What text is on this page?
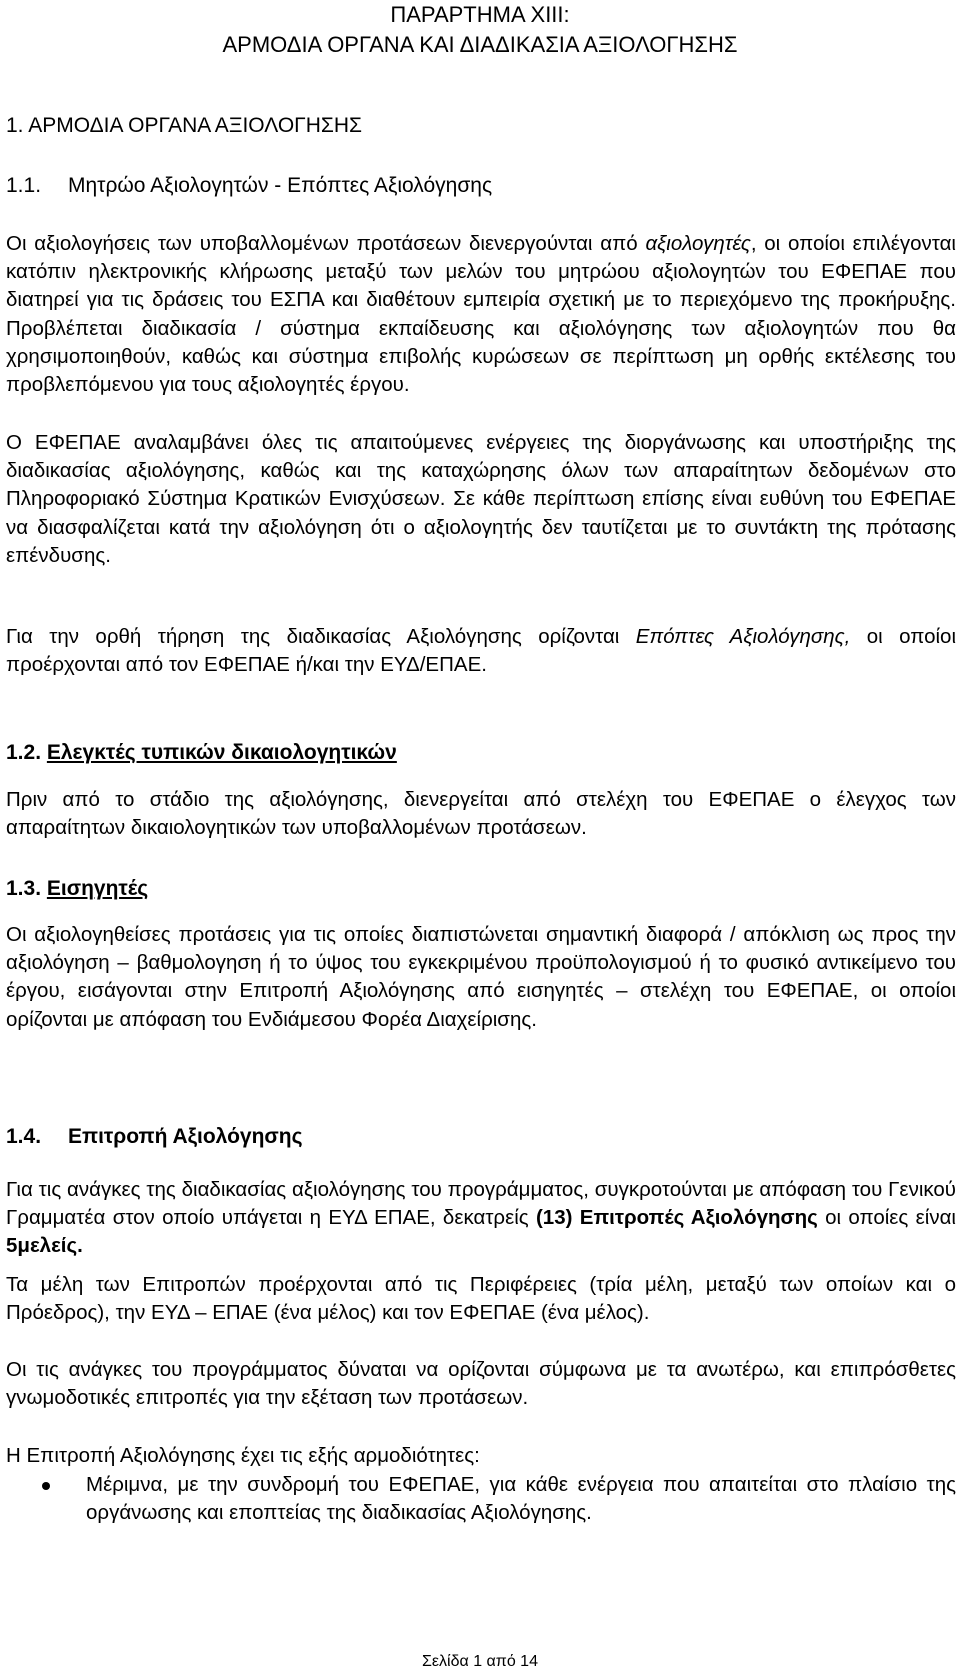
ΠΑΡΑΡΤΗΜΑ XIII:

ΑΡΜΟΔΙΑ ΟΡΓΑΝΑ ΚΑΙ ΔΙΑΔΙΚΑΣΙΑ ΑΞΙΟΛΟΓΗΣΗΣ

1. ΑΡΜΟΔΙΑ ΟΡΓΑΝΑ ΑΞΙΟΛΟΓΗΣΗΣ
1.1. Μητρώο Αξιολογητών - Επόπτες Αξιολόγησης

Οι αξιολογήσεις των υποβαλλομένων προτάσεων διενεργούνται από αξιολογητές, οι οποίοι επιλέγονται κατόπιν ηλεκτρονικής κλήρωσης μεταξύ των μελών του μητρώου αξιολογητών του ΕΦΕΠΑΕ που διατηρεί για τις δράσεις του ΕΣΠΑ και διαθέτουν εμπειρία σχετική με το περιεχόμενο της προκήρυξης. Προβλέπεται διαδικασία / σύστημα εκπαίδευσης και αξιολόγησης των αξιολογητών που θα χρησιμοποιηθούν, καθώς και σύστημα επιβολής κυρώσεων σε περίπτωση μη ορθής εκτέλεσης του προβλεπόμενου για τους αξιολογητές έργου.

Ο ΕΦΕΠΑΕ αναλαμβάνει όλες τις απαιτούμενες ενέργειες της διοργάνωσης και υποστήριξης της διαδικασίας αξιολόγησης, καθώς και της καταχώρησης όλων των απαραίτητων δεδομένων στο Πληροφοριακό Σύστημα Κρατικών Ενισχύσεων. Σε κάθε περίπτωση επίσης είναι ευθύνη του ΕΦΕΠΑΕ να διασφαλίζεται κατά την αξιολόγηση ότι ο αξιολογητής δεν ταυτίζεται με το συντάκτη της πρότασης επένδυσης.

Για την ορθή τήρηση της διαδικασίας Αξιολόγησης ορίζονται Επόπτες Αξιολόγησης, οι οποίοι προέρχονται από τον ΕΦΕΠΑΕ ή/και την ΕΥΔ/ΕΠΑΕ.

1.2. Ελεγκτές τυπικών δικαιολογητικών

Πριν από το στάδιο της αξιολόγησης, διενεργείται από στελέχη του ΕΦΕΠΑΕ ο έλεγχος των απαραίτητων δικαιολογητικών των υποβαλλομένων προτάσεων.

1.3. Εισηγητές

Οι αξιολογηθείσες προτάσεις για τις οποίες διαπιστώνεται σημαντική διαφορά / απόκλιση ως προς την αξιολόγηση – βαθμολογηση ή το ύψος του εγκεκριμένου προϋπολογισμού ή το φυσικό αντικείμενο του έργου, εισάγονται στην Επιτροπή Αξιολόγησης από εισηγητές – στελέχη του ΕΦΕΠΑΕ, οι οποίοι ορίζονται με απόφαση του Ενδιάμεσου Φορέα Διαχείρισης.

1.4. Επιτροπή Αξιολόγησης

Για τις ανάγκες της διαδικασίας αξιολόγησης του προγράμματος, συγκροτούνται με απόφαση του Γενικού Γραμματέα στον οποίο υπάγεται η ΕΥΔ ΕΠΑΕ, δεκατρείς (13) Επιτροπές Αξιολόγησης οι οποίες είναι 5μελείς.

Τα μέλη των Επιτροπών προέρχονται από τις Περιφέρειες (τρία μέλη, μεταξύ των οποίων και ο Πρόεδρος), την ΕΥΔ – ΕΠΑΕ (ένα μέλος) και τον ΕΦΕΠΑΕ (ένα μέλος).

Οι τις ανάγκες του προγράμματος δύναται να ορίζονται σύμφωνα με τα ανωτέρω, και επιπρόσθετες γνωμοδοτικές επιτροπές για την εξέταση των προτάσεων.

Η Επιτροπή Αξιολόγησης έχει τις εξής αρμοδιότητες:

Μέριμνα, με την συνδρομή του ΕΦΕΠΑΕ, για κάθε ενέργεια που απαιτείται στο πλαίσιο της οργάνωσης και εποπτείας της διαδικασίας Αξιολόγησης.
Σελίδα 1 από 14
